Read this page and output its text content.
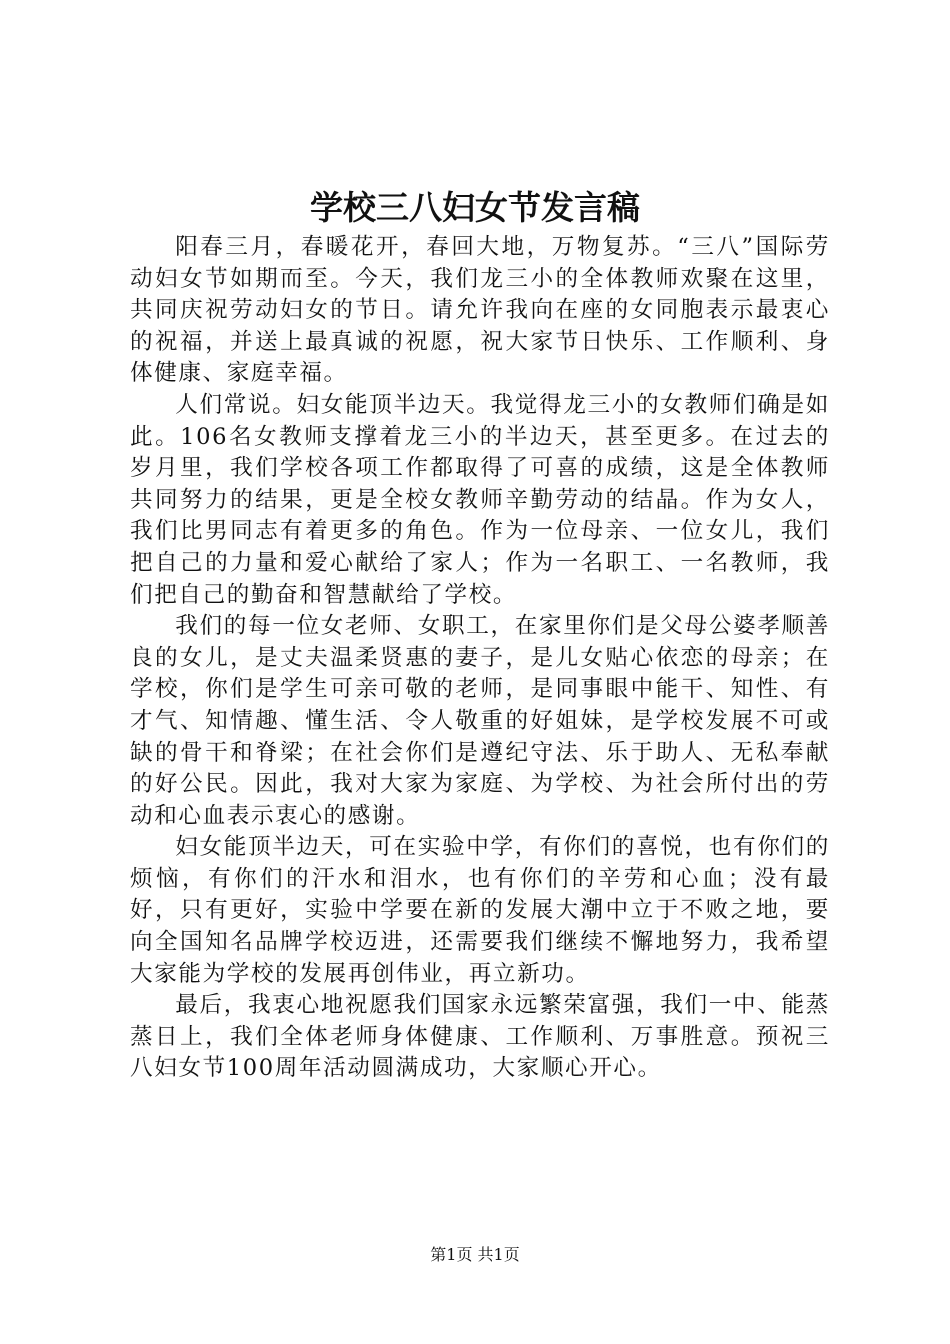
学校三八妇女节发言稿

阳春三月，春暖花开，春回大地，万物复苏。“三八”国际劳动妇女节如期而至。今天，我们龙三小的全体教师欢聚在这里，共同庆祝劳动妇女的节日。请允许我向在座的女同胞表示最衷心的祝福，并送上最真诚的祝愿，祝大家节日快乐、工作顺利、身体健康、家庭幸福。

人们常说。妇女能顶半边天。我觉得龙三小的女教师们确是如此。106名女教师支撑着龙三小的半边天，甚至更多。在过去的岁月里，我们学校各项工作都取得了可喜的成绩，这是全体教师共同努力的结果，更是全校女教师辛勤劳动的结晶。作为女人，我们比男同志有着更多的角色。作为一位母亲、一位女儿，我们把自己的力量和爱心献给了家人；作为一名职工、一名教师，我们把自己的勤奋和智慧献给了学校。

我们的每一位女老师、女职工，在家里你们是父母公婆孝顺善良的女儿，是丈夫温柔贤惠的妻子，是儿女贴心依恋的母亲；在学校，你们是学生可亲可敬的老师，是同事眼中能干、知性、有才气、知情趣、懂生活、令人敬重的好姐妹，是学校发展不可或缺的骨干和脊梁；在社会你们是遵纪守法、乐于助人、无私奉献的好公民。因此，我对大家为家庭、为学校、为社会所付出的劳动和心血表示衷心的感谢。

妇女能顶半边天，可在实验中学，有你们的喜悦，也有你们的烦恼，有你们的汗水和泪水，也有你们的辛劳和心血；没有最好，只有更好，实验中学要在新的发展大潮中立于不败之地，要向全国知名品牌学校迈进，还需要我们继续不懈地努力，我希望大家能为学校的发展再创伟业，再立新功。

最后，我衷心地祝愿我们国家永远繁荣富强，我们一中、能蒸蒸日上，我们全体老师身体健康、工作顺利、万事胜意。预祝三八妇女节100周年活动圆满成功，大家顺心开心。

第1页 共1页
